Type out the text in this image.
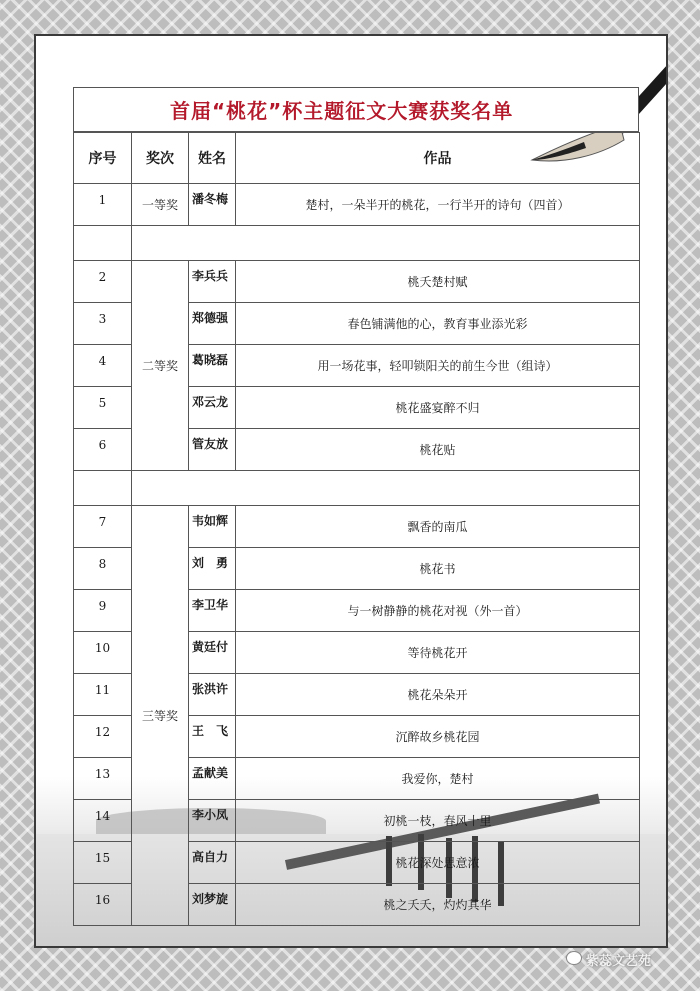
首届“桃花”杯主题征文大赛获奖名单
序号	奖次	姓名	作品

1	一等奖	潘冬梅	楚村，一朵半开的桃花，一行半开的诗句（四首）

2	二等奖	李兵兵	桃夭楚村赋

3		郑德强	春色铺满他的心，教育事业添光彩

4		葛晓磊	用一场花事，轻叩锁阳关的前生今世（组诗）

5		邓云龙	桃花盛宴醉不归

6		管友放	桃花贴

7	三等奖	韦如辉	飘香的南瓜

8		刘　勇	桃花书

9		李卫华	与一树静静的桃花对视（外一首）

10		黄廷付	等待桃花开

11		张洪许	桃花朵朵开

12		王　飞	沉醉故乡桃花园

13		孟献美	我爱你，楚村

14		李小凤	初桃一枝，春风十里

15		高自力	桃花深处思意浓

16		刘梦旋	桃之夭夭，灼灼其华
紫蕊文艺苑
